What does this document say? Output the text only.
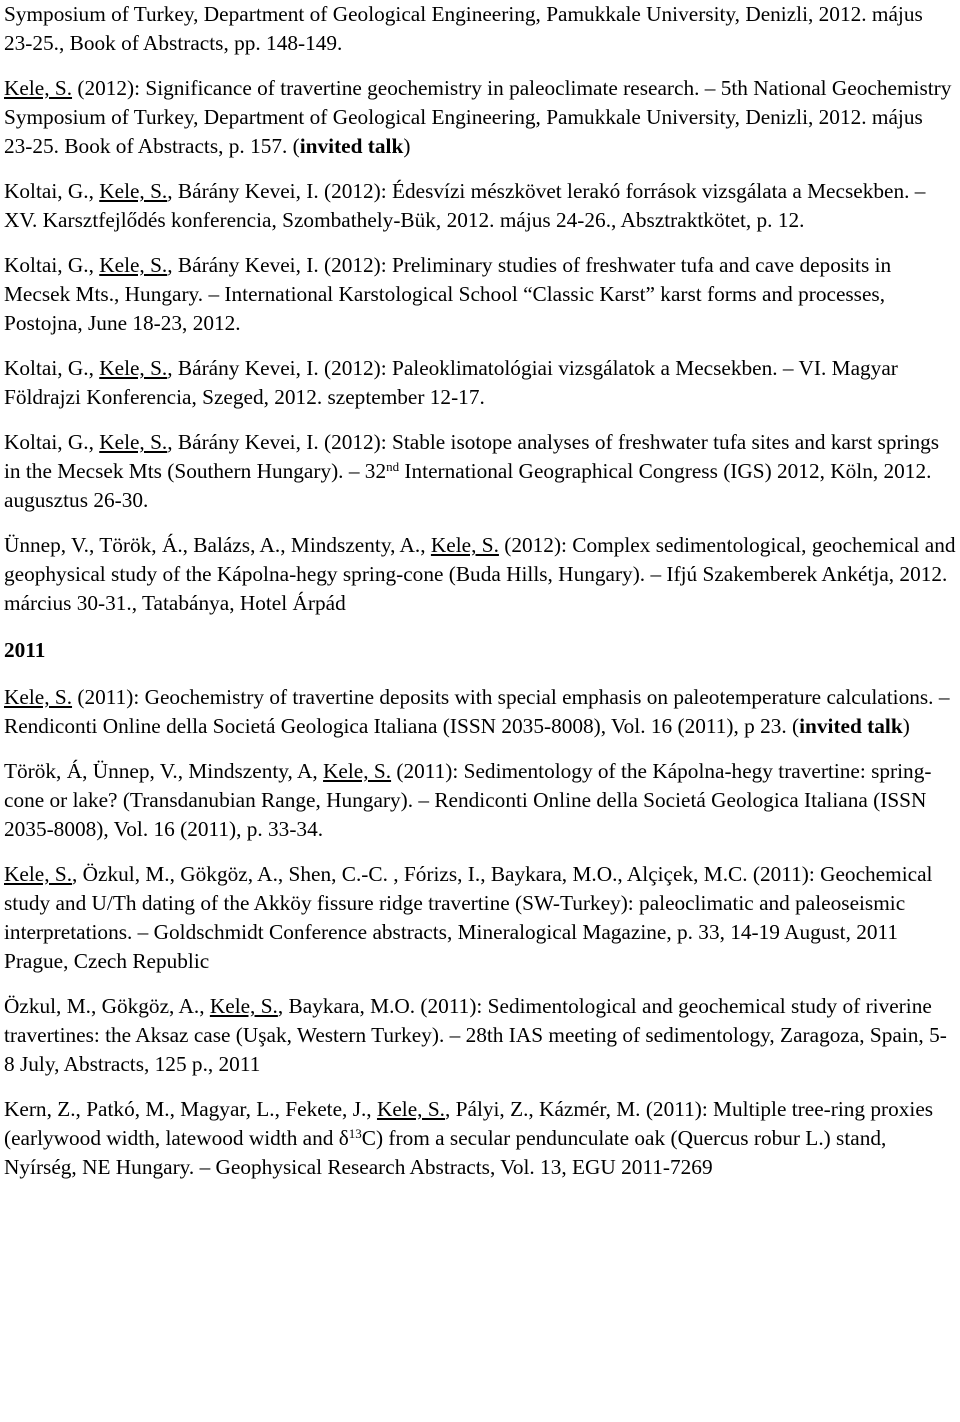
Symposium of Turkey, Department of Geological Engineering, Pamukkale University, Denizli, 2012. május 23-25., Book of Abstracts, pp. 148-149.

Kele, S. (2012): Significance of travertine geochemistry in paleoclimate research. – 5th National Geochemistry Symposium of Turkey, Department of Geological Engineering, Pamukkale University, Denizli, 2012. május 23-25. Book of Abstracts, p. 157. (invited talk)

Koltai, G., Kele, S., Bárány Kevei, I. (2012): Édesvízi mészkövet lerakó források vizsgálata a Mecsekben. – XV. Karsztfejlődés konferencia, Szombathely-Bük, 2012. május 24-26., Absztraktkötet, p. 12.

Koltai, G., Kele, S., Bárány Kevei, I. (2012): Preliminary studies of freshwater tufa and cave deposits in Mecsek Mts., Hungary. – International Karstological School “Classic Karst” karst forms and processes, Postojna, June 18-23, 2012.

Koltai, G., Kele, S., Bárány Kevei, I. (2012): Paleoklimatológiai vizsgálatok a Mecsekben. – VI. Magyar Földrajzi Konferencia, Szeged, 2012. szeptember 12-17.

Koltai, G., Kele, S., Bárány Kevei, I. (2012): Stable isotope analyses of freshwater tufa sites and karst springs in the Mecsek Mts (Southern Hungary). – 32nd International Geographical Congress (IGS) 2012, Köln, 2012. augusztus 26-30.

Ünnep, V., Török, Á., Balázs, A., Mindszenty, A., Kele, S. (2012): Complex sedimentological, geochemical and geophysical study of the Kápolna-hegy spring-cone (Buda Hills, Hungary). – Ifjú Szakemberek Ankétja, 2012. március 30-31., Tatabánya, Hotel Árpád

2011

Kele, S. (2011): Geochemistry of travertine deposits with special emphasis on paleotemperature calculations. – Rendiconti Online della Societá Geologica Italiana (ISSN 2035-8008), Vol. 16 (2011), p 23. (invited talk)

Török, Á, Ünnep, V., Mindszenty, A, Kele, S. (2011): Sedimentology of the Kápolna-hegy travertine: spring-cone or lake? (Transdanubian Range, Hungary). – Rendiconti Online della Societá Geologica Italiana (ISSN 2035-8008), Vol. 16 (2011), p. 33-34.

Kele, S., Özkul, M., Gökgöz, A., Shen, C.-C. , Fórizs, I., Baykara, M.O., Alçiçek, M.C. (2011): Geochemical study and U/Th dating of the Akköy fissure ridge travertine (SW-Turkey): paleoclimatic and paleoseismic interpretations. – Goldschmidt Conference abstracts, Mineralogical Magazine, p. 33, 14-19 August, 2011 Prague, Czech Republic

Özkul, M., Gökgöz, A., Kele, S., Baykara, M.O. (2011): Sedimentological and geochemical study of riverine travertines: the Aksaz case (Uşak, Western Turkey). – 28th IAS meeting of sedimentology, Zaragoza, Spain, 5-8 July, Abstracts, 125 p., 2011

Kern, Z., Patkó, M., Magyar, L., Fekete, J., Kele, S., Pályi, Z., Kázmér, M. (2011): Multiple tree-ring proxies (earlywood width, latewood width and $\delta^{13}C$) from a secular pendunculate oak (Quercus robur L.) stand, Nyírség, NE Hungary. – Geophysical Research Abstracts, Vol. 13, EGU 2011-7269
